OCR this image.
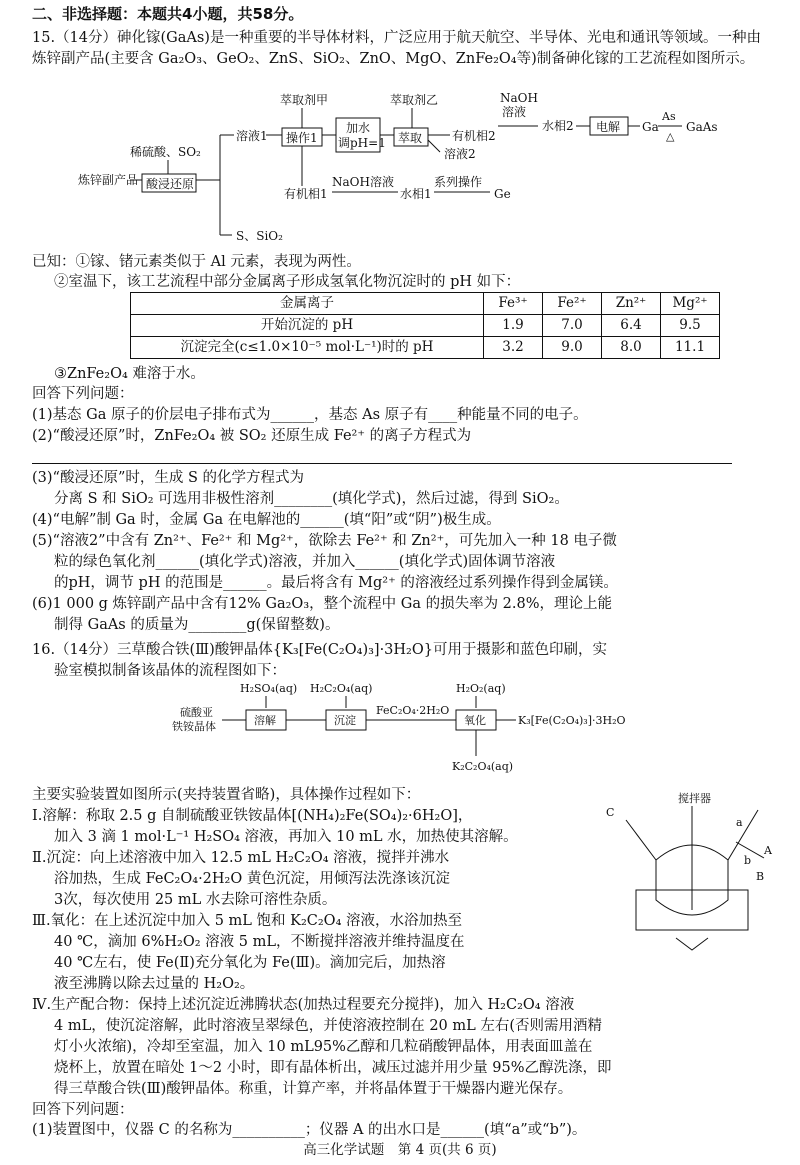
二、非选择题：本题共4小题，共58分。
15.（14分）砷化镓(GaAs)是一种重要的半导体材料，广泛应用于航天航空、半导体、光电和通讯等领域。一种由炼锌副产品(主要含 Ga₂O₃、GeO₂、ZnS、SiO₂、ZnO、MgO、ZnFe₂O₄等)制备砷化镓的工艺流程如图所示。
萃取剂甲	萃取剂乙	NaOH
溶液
溶液1 操作1
加水
调pH=1 萃取 有机相2
水相2 电解 Ga
As
△
GaAs
溶液2
稀硫酸、SO₂
炼锌副产品 酸浸还原
S、SiO₂
有机相1
NaOH溶液
水相1
系列操作
Ge
已知：①镓、锗元素类似于 Al 元素，表现为两性。
②室温下，该工艺流程中部分金属离子形成氢氧化物沉淀时的 pH 如下：
金属离子	Fe³⁺	Fe²⁺	Zn²⁺	Mg²⁺
开始沉淀的 pH	1.9	7.0	6.4	9.5
沉淀完全(c≤1.0×10⁻⁵ mol·L⁻¹)时的 pH	3.2	9.0	8.0	11.1
③ZnFe₂O₄ 难溶于水。
回答下列问题：
(1)基态 Ga 原子的价层电子排布式为______，基态 As 原子有____种能量不同的电子。
(2)“酸浸还原”时，ZnFe₂O₄ 被 SO₂ 还原生成 Fe²⁺ 的离子方程式为
(3)“酸浸还原”时，生成 S 的化学方程式为
分离 S 和 SiO₂ 可选用非极性溶剂________(填化学式)，然后过滤，得到 SiO₂。
(4)“电解”制 Ga 时，金属 Ga 在电解池的______(填“阳”或“阴”)极生成。
(5)“溶液2”中含有 Zn²⁺、Fe²⁺ 和 Mg²⁺，欲除去 Fe²⁺ 和 Zn²⁺，可先加入一种 18 电子微
粒的绿色氧化剂______(填化学式)溶液，并加入______(填化学式)固体调节溶液
的pH，调节 pH 的范围是______。最后将含有 Mg²⁺ 的溶液经过系列操作得到金属镁。
(6)1 000 g 炼锌副产品中含有12% Ga₂O₃，整个流程中 Ga 的损失率为 2.8%，理论上能
制得 GaAs 的质量为________g(保留整数)。
16.（14分）三草酸合铁(Ⅲ)酸钾晶体{K₃[Fe(C₂O₄)₃]·3H₂O}可用于摄影和蓝色印刷，实
验室模拟制备该晶体的流程图如下：
H₂SO₄(aq) H₂C₂O₄(aq)	H₂O₂(aq)
硫酸亚
铁铵晶体	溶解	沉淀
FeC₂O₄·2H₂O
氧化	K₃[Fe(C₂O₄)₃]·3H₂O
K₂C₂O₄(aq)
搅拌器
C
a
A
b
B
主要实验装置如图所示(夹持装置省略)，具体操作过程如下：
Ⅰ.溶解：称取 2.5 g 自制硫酸亚铁铵晶体[(NH₄)₂Fe(SO₄)₂·6H₂O]，
加入 3 滴 1 mol·L⁻¹ H₂SO₄ 溶液，再加入 10 mL 水，加热使其溶解。
Ⅱ.沉淀：向上述溶液中加入 12.5 mL H₂C₂O₄ 溶液，搅拌并沸水
浴加热，生成 FeC₂O₄·2H₂O 黄色沉淀，用倾泻法洗涤该沉淀
3次，每次使用 25 mL 水去除可溶性杂质。
Ⅲ.氧化：在上述沉淀中加入 5 mL 饱和 K₂C₂O₄ 溶液，水浴加热至
40 ℃，滴加 6%H₂O₂ 溶液 5 mL，不断搅拌溶液并维持温度在
40 ℃左右，使 Fe(Ⅱ)充分氧化为 Fe(Ⅲ)。滴加完后，加热溶
液至沸腾以除去过量的 H₂O₂。
Ⅳ.生产配合物：保持上述沉淀近沸腾状态(加热过程要充分搅拌)，加入 H₂C₂O₄ 溶液
4 mL，使沉淀溶解，此时溶液呈翠绿色，并使溶液控制在 20 mL 左右(否则需用酒精
灯小火浓缩)，冷却至室温，加入 10 mL95%乙醇和几粒硝酸钾晶体，用表面皿盖在
烧杯上，放置在暗处 1～2 小时，即有晶体析出，减压过滤并用少量 95%乙醇洗涤，即
得三草酸合铁(Ⅲ)酸钾晶体。称重，计算产率，并将晶体置于干燥器内避光保存。
回答下列问题：
(1)装置图中，仪器 C 的名称为__________；仪器 A 的出水口是______(填“a”或“b”)。
高三化学试题　第 4 页(共 6 页)
